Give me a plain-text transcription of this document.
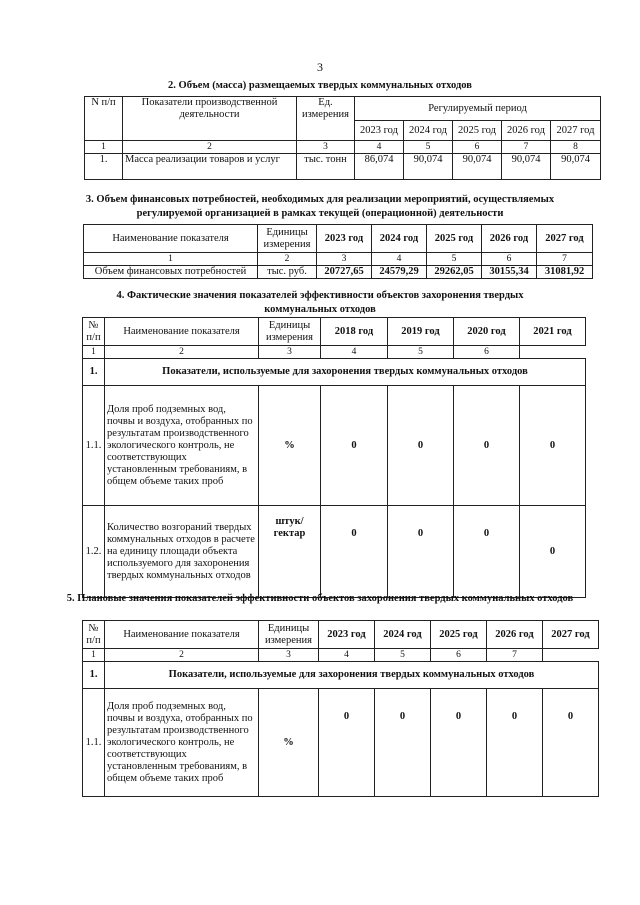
3
2. Объем (масса) размещаемых твердых коммунальных отходов
N п/п	Показатели производственной деятельности	Ед. измерения	Регулируемый период				
			2023 год	2024 год	2025 год	2026 год	2027 год
1	2	3	4	5	6	7	8
1.	Масса реализации товаров и услуг	тыс. тонн	86,074	90,074	90,074	90,074	90,074
3. Объем финансовых потребностей, необходимых для реализации мероприятий, осуществляемых регулируемой организацией в рамках текущей (операционной) деятельности
Наименование показателя	Единицы измерения	2023 год	2024 год	2025 год	2026 год	2027 год
1	2	3	4	5	6	7
Объем финансовых потребностей	тыс. руб.	20727,65	24579,29	29262,05	30155,34	31081,92
4. Фактические значения показателей эффективности объектов захоронения твердых коммунальных отходов
№ п/п	Наименование показателя	Единицы измерения	2018 год	2019 год	2020 год	2021 год
1	2	3	4	5	6	
1.	Показатели, используемые для захоронения твердых коммунальных отходов					
1.1.	Доля проб подземных вод, почвы и воздуха, отобранных по результатам производственного экологического контроль, не соответствующих установленным требованиям, в общем объеме таких проб	%	0	0	0	0
1.2.	Количество возгораний твердых коммунальных отходов в расчете на единицу площади объекта используемого для захоронения твердых коммунальных отходов	штук/ гектар	0	0	0	0
5. Плановые значения показателей эффективности объектов захоронения твердых коммунальных отходов
№ п/п	Наименование показателя	Единицы измерения	2023 год	2024 год	2025 год	2026 год	2027 год
1	2	3	4	5	6	7	
1.	Показатели, используемые для захоронения твердых коммунальных отходов						
1.1.	Доля проб подземных вод, почвы и воздуха, отобранных по результатам производственного экологического контроль, не соответствующих установленным требованиям, в общем объеме таких проб	%	0	0	0	0	0
